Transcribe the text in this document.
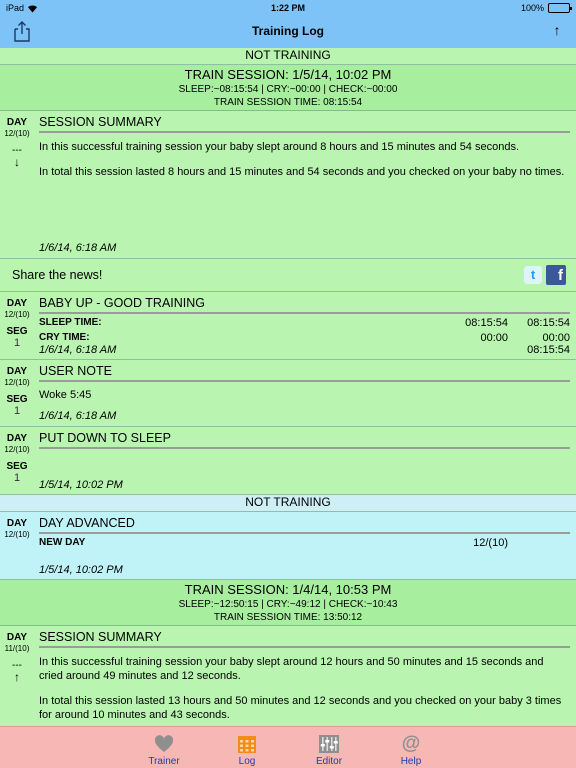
iPad	1:22 PM	100%
Training Log	↑
NOT TRAINING
TRAIN SESSION: 1/5/14, 10:02 PM
SLEEP:~08:15:54 | CRY:~00:00 | CHECK:~00:00
TRAIN SESSION TIME: 08:15:54
DAY
12/(10)
---
↓
SESSION SUMMARY
In this successful training session your baby slept around 8 hours and 15 minutes and 54 seconds.
In total this session lasted 8 hours and 15 minutes and 54 seconds and you checked on your baby no times.
1/6/14, 6:18 AM
Share the news!	t	f
DAY
12/(10)
SEG
1
BABY UP - GOOD TRAINING
SLEEP TIME:	08:15:54	08:15:54
CRY TIME:	00:00	00:00
1/6/14, 6:18 AM	08:15:54
DAY
12/(10)
SEG
1
USER NOTE
Woke 5:45
1/6/14, 6:18 AM
DAY
12/(10)
SEG
1
PUT DOWN TO SLEEP
1/5/14, 10:02 PM
NOT TRAINING
DAY
12/(10)
DAY ADVANCED
NEW DAY	12/(10)
1/5/14, 10:02 PM
TRAIN SESSION: 1/4/14, 10:53 PM
SLEEP:~12:50:15 | CRY:~49:12 | CHECK:~10:43
TRAIN SESSION TIME: 13:50:12
DAY
11/(10)
---
↑
SESSION SUMMARY
In this successful training session your baby slept around 12 hours and 50 minutes and 15 seconds and cried around 49 minutes and 12 seconds.
In total this session lasted 13 hours and 50 minutes and 12 seconds and you checked on your baby 3 times for around 10 minutes and 43 seconds.
Trainer	Log	Editor
@
Help
